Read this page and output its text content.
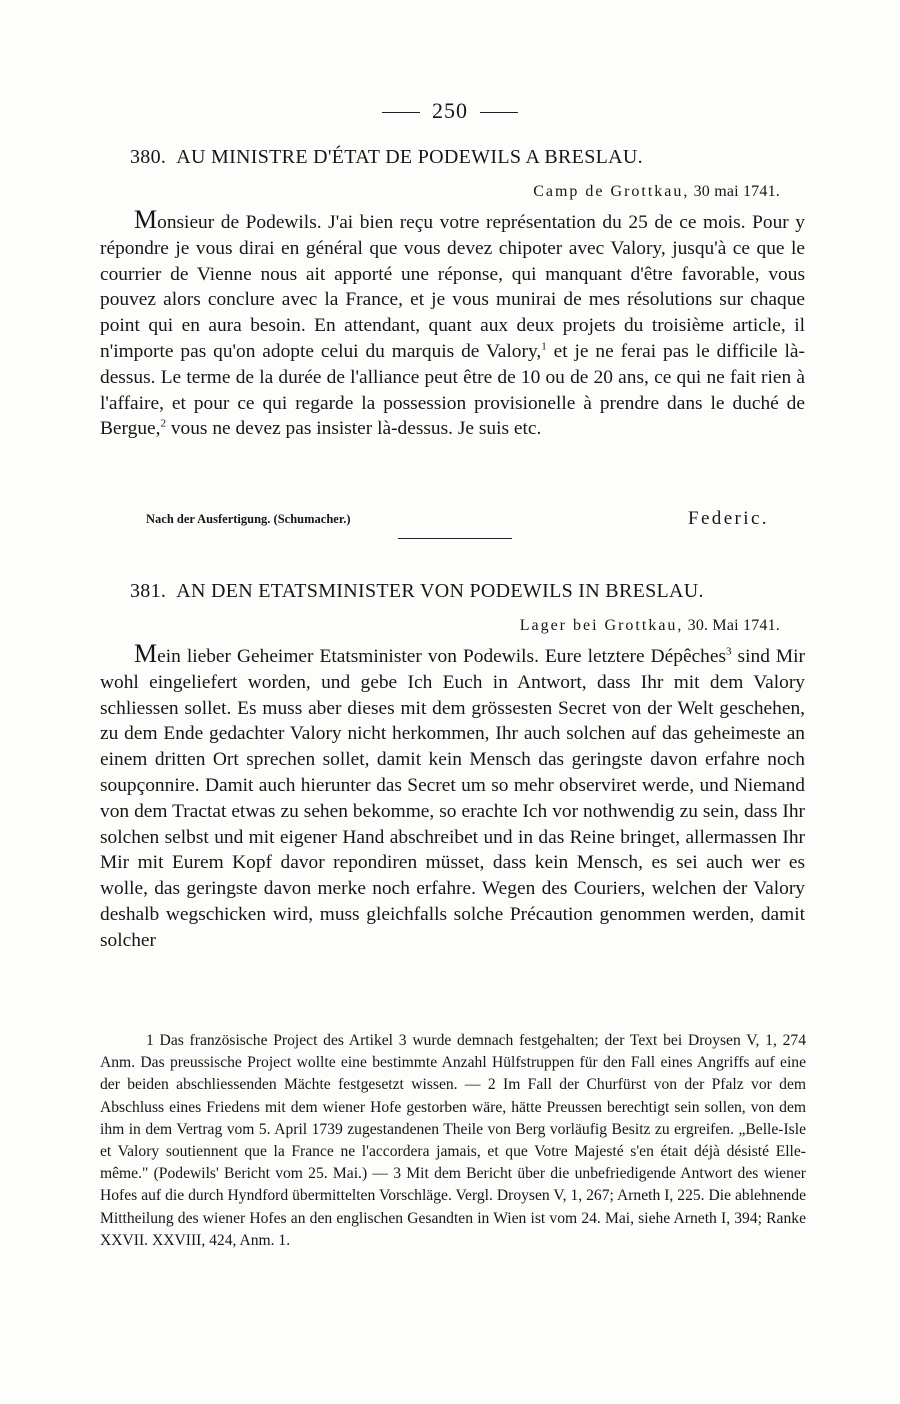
250
380. AU MINISTRE D'ÉTAT DE PODEWILS A BRESLAU.
Camp de Grottkau, 30 mai 1741.

Monsieur de Podewils. J'ai bien reçu votre représentation du 25 de ce mois. Pour y répondre je vous dirai en général que vous devez chipoter avec Valory, jusqu'à ce que le courrier de Vienne nous ait apporté une réponse, qui manquant d'être favorable, vous pouvez alors conclure avec la France, et je vous munirai de mes résolutions sur chaque point qui en aura besoin. En attendant, quant aux deux projets du troisième article, il n'importe pas qu'on adopte celui du marquis de Valory,$^1$ et je ne ferai pas le difficile là-dessus. Le terme de la durée de l'alliance peut être de 10 ou de 20 ans, ce qui ne fait rien à l'affaire, et pour ce qui regarde la possession provisionelle à prendre dans le duché de Bergue,$^2$ vous ne devez pas insister là-dessus. Je suis etc.

Nach der Ausfertigung. (Schumacher.)	Federic.
381. AN DEN ETATSMINISTER VON PODEWILS IN BRESLAU.
Lager bei Grottkau, 30. Mai 1741.

Mein lieber Geheimer Etatsminister von Podewils. Eure letztere Dépêches$^3$ sind Mir wohl eingeliefert worden, und gebe Ich Euch in Antwort, dass Ihr mit dem Valory schliessen sollet. Es muss aber dieses mit dem grössesten Secret von der Welt geschehen, zu dem Ende gedachter Valory nicht herkommen, Ihr auch solchen auf das geheimeste an einem dritten Ort sprechen sollet, damit kein Mensch das geringste davon erfahre noch soupçonnire. Damit auch hierunter das Secret um so mehr observiret werde, und Niemand von dem Tractat etwas zu sehen bekomme, so erachte Ich vor nothwendig zu sein, dass Ihr solchen selbst und mit eigener Hand abschreibet und in das Reine bringet, allermassen Ihr Mir mit Eurem Kopf davor repondiren müsset, dass kein Mensch, es sei auch wer es wolle, das geringste davon merke noch erfahre. Wegen des Couriers, welchen der Valory deshalb wegschicken wird, muss gleichfalls solche Précaution genommen werden, damit solcher

1 Das französische Project des Artikel 3 wurde demnach festgehalten; der Text bei Droysen V, 1, 274 Anm. Das preussische Project wollte eine bestimmte Anzahl Hülfstruppen für den Fall eines Angriffs auf eine der beiden abschliessenden Mächte festgesetzt wissen. — 2 Im Fall der Churfürst von der Pfalz vor dem Abschluss eines Friedens mit dem wiener Hofe gestorben wäre, hätte Preussen berechtigt sein sollen, von dem ihm in dem Vertrag vom 5. April 1739 zugestandenen Theile von Berg vorläufig Besitz zu ergreifen. „Belle-Isle et Valory soutiennent que la France ne l'accordera jamais, et que Votre Majesté s'en était déjà désisté Elle-même." (Podewils' Bericht vom 25. Mai.) — 3 Mit dem Bericht über die unbefriedigende Antwort des wiener Hofes auf die durch Hyndford übermittelten Vorschläge. Vergl. Droysen V, 1, 267; Arneth I, 225. Die ablehnende Mittheilung des wiener Hofes an den englischen Gesandten in Wien ist vom 24. Mai, siehe Arneth I, 394; Ranke XXVII. XXVIII, 424, Anm. 1.
